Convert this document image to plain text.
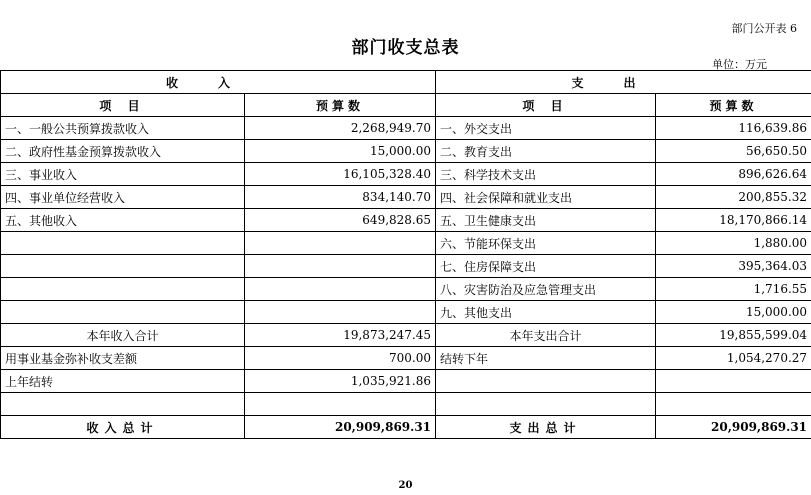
部门公开表 6
部门收支总表
单位：万元
收入		支出	
项 目	预算数	项 目	预算数
一、一般公共预算拨款收入	2,268,949.70	一、外交支出	116,639.86
二、政府性基金预算拨款收入	15,000.00	二、教育支出	56,650.50
三、事业收入	16,105,328.40	三、科学技术支出	896,626.64
四、事业单位经营收入	834,140.70	四、社会保障和就业支出	200,855.32
五、其他收入	649,828.65	五、卫生健康支出	18,170,866.14
		六、节能环保支出	1,880.00
		七、住房保障支出	395,364.03
		八、灾害防治及应急管理支出	1,716.55
		九、其他支出	15,000.00
本年收入合计	19,873,247.45	本年支出合计	19,855,599.04
用事业基金弥补收支差额	700.00	结转下年	1,054,270.27
上年结转	1,035,921.86		

收入总计	20,909,869.31	支出总计	20,909,869.31
20
